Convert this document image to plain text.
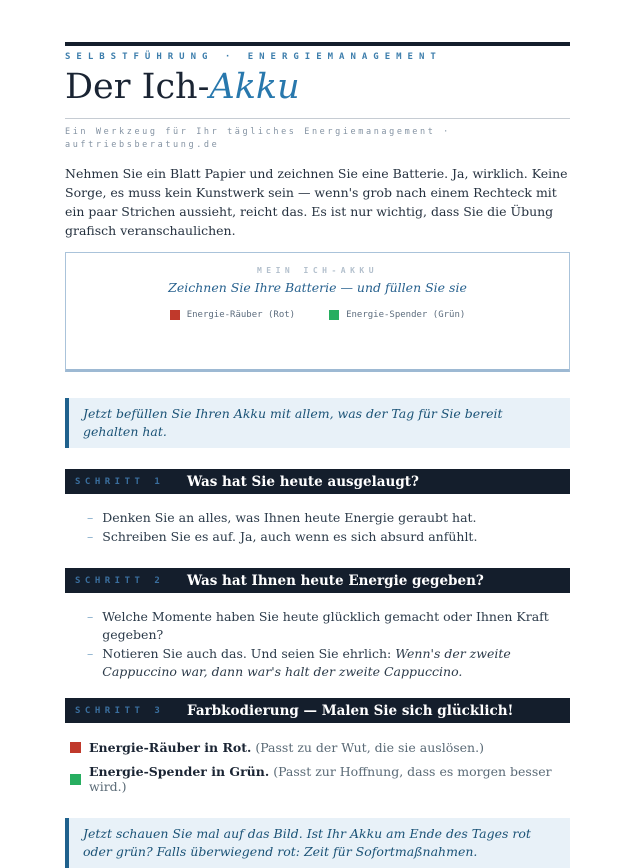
SELBSTFÜHRUNG · ENERGIEMANAGEMENT
Der Ich-Akku
Ein Werkzeug für Ihr tägliches Energiemanagement · auftriebsberatung.de

Nehmen Sie ein Blatt Papier und zeichnen Sie eine Batterie. Ja, wirklich. Keine Sorge, es muss kein Kunstwerk sein — wenn's grob nach einem Rechteck mit ein paar Strichen aussieht, reicht das. Es ist nur wichtig, dass Sie die Übung grafisch veranschaulichen.

MEIN ICH-AKKU
Zeichnen Sie Ihre Batterie — und füllen Sie sie
Energie-Räuber (Rot)	Energie-Spender (Grün)
Jetzt befüllen Sie Ihren Akku mit allem, was der Tag für Sie bereit gehalten hat.
SCHRITT 1	Was hat Sie heute ausgelaugt?
– Denken Sie an alles, was Ihnen heute Energie geraubt hat.
– Schreiben Sie es auf. Ja, auch wenn es sich absurd anfühlt.
SCHRITT 2	Was hat Ihnen heute Energie gegeben?
– Welche Momente haben Sie heute glücklich gemacht oder Ihnen Kraft gegeben?
– Notieren Sie auch das. Und seien Sie ehrlich: Wenn's der zweite Cappuccino war, dann war's halt der zweite Cappuccino.
SCHRITT 3	Farbkodierung — Malen Sie sich glücklich!
Energie-Räuber in Rot. (Passt zu der Wut, die sie auslösen.)
Energie-Spender in Grün. (Passt zur Hoffnung, dass es morgen besser wird.)
Jetzt schauen Sie mal auf das Bild. Ist Ihr Akku am Ende des Tages rot oder grün? Falls überwiegend rot: Zeit für Sofortmaßnahmen.
